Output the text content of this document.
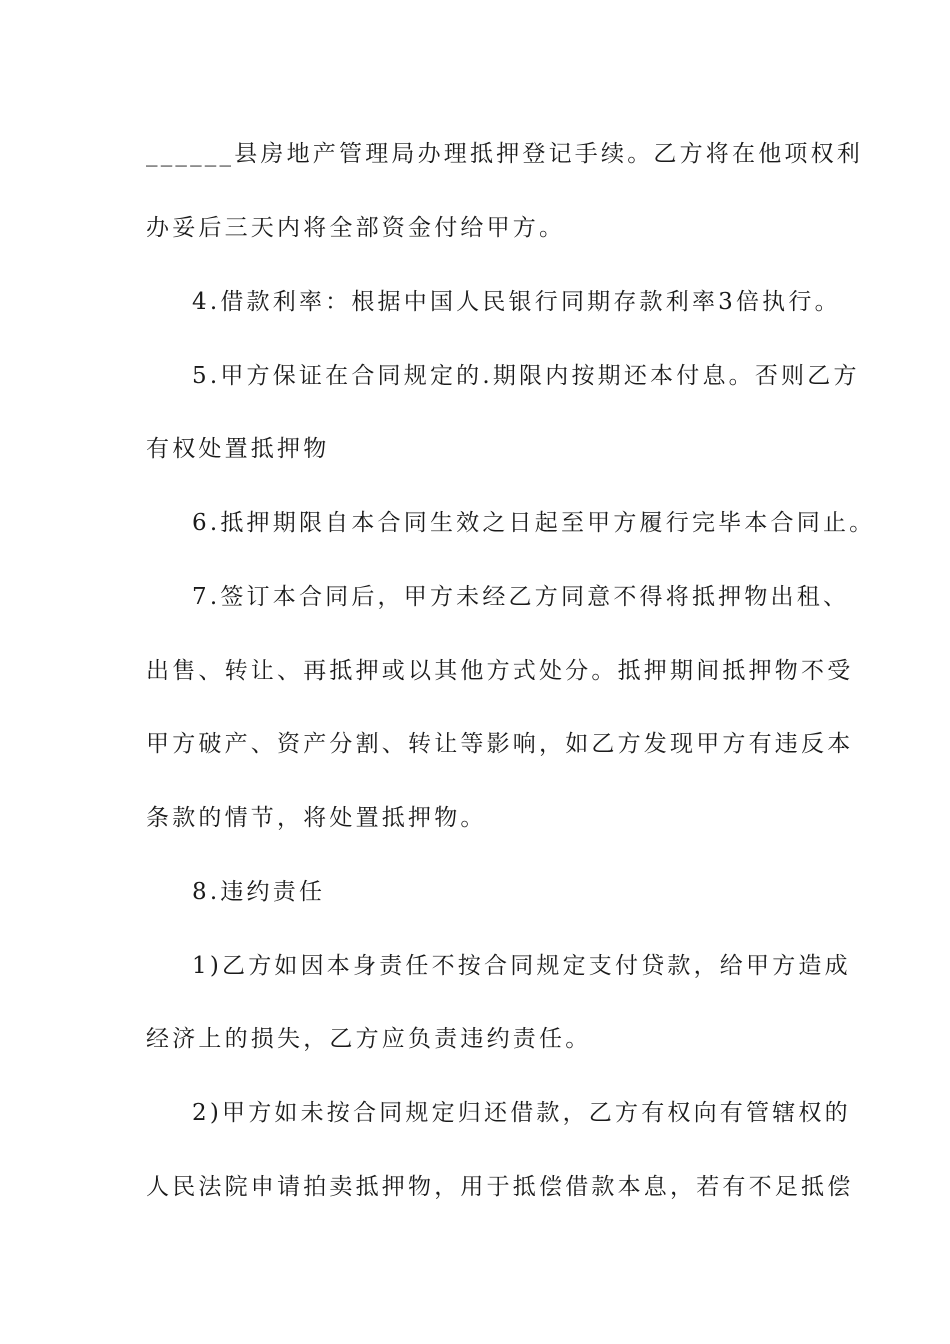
______县房地产管理局办理抵押登记手续。乙方将在他项权利
办妥后三天内将全部资金付给甲方。
4.借款利率：根据中国人民银行同期存款利率3倍执行。
5.甲方保证在合同规定的.期限内按期还本付息。否则乙方
有权处置抵押物
6.抵押期限自本合同生效之日起至甲方履行完毕本合同止。
7.签订本合同后，甲方未经乙方同意不得将抵押物出租、
出售、转让、再抵押或以其他方式处分。抵押期间抵押物不受
甲方破产、资产分割、转让等影响，如乙方发现甲方有违反本
条款的情节，将处置抵押物。
8.违约责任
1)乙方如因本身责任不按合同规定支付贷款，给甲方造成
经济上的损失，乙方应负责违约责任。
2)甲方如未按合同规定归还借款，乙方有权向有管辖权的
人民法院申请拍卖抵押物，用于抵偿借款本息，若有不足抵偿
